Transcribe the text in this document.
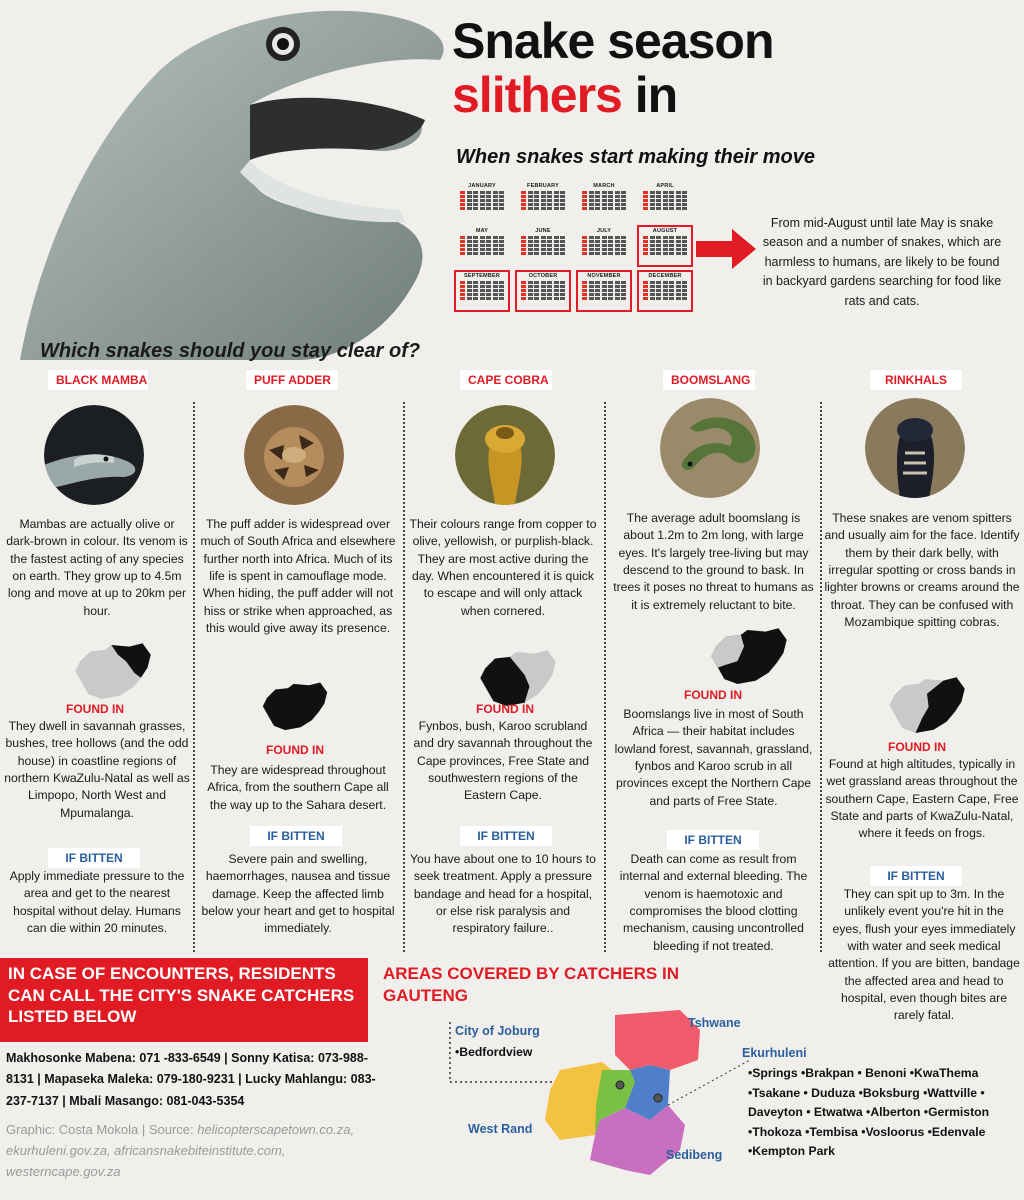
Snake season
slithers in
When snakes start making their move
JANUARY	FEBRUARY	MARCH	APRIL
MAY	JUNE	JULY	AUGUST
SEPTEMBER	OCTOBER	NOVEMBER	DECEMBER
From mid-August until late May is snake season and a number of snakes, which are harmless to humans, are likely to be found in backyard gardens searching for food like rats and cats.
Which snakes should you stay clear of?
BLACK MAMBA
Mambas are actually olive or dark-brown in colour. Its venom is the fastest acting of any species on earth. They grow up to 4.5m long and move at up to 20km per hour.
FOUND IN
They dwell in savannah grasses, bushes, tree hollows (and the odd house) in coastline regions of northern KwaZulu-Natal as well as Limpopo, North West and Mpumalanga.
IF BITTEN
Apply immediate pressure to the area and get to the nearest hospital without delay. Humans can die within 20 minutes.
PUFF ADDER
The puff adder is widespread over much of South Africa and elsewhere further north into Africa. Much of its life is spent in camouflage mode. When hiding, the puff adder will not hiss or strike when approached, as this would give away its presence.
FOUND IN
They are widespread throughout Africa, from the southern Cape all the way up to the Sahara desert.
IF BITTEN
Severe pain and swelling, haemorrhages, nausea and tissue damage. Keep the affected limb below your heart and get to hospital immediately.
CAPE COBRA
Their colours range from copper to olive, yellowish, or purplish-black. They are most active during the day. When encountered it is quick to escape and will only attack when cornered.
FOUND IN
Fynbos, bush, Karoo scrubland and dry savannah throughout the Cape provinces, Free State and southwestern regions of the Eastern Cape.
IF BITTEN
You have about one to 10 hours to seek treatment. Apply a pressure bandage and head for a hospital, or else risk paralysis and respiratory failure..
BOOMSLANG
The average adult boomslang is about 1.2m to 2m long, with large eyes. It's largely tree-living but may descend to the ground to bask. In trees it poses no threat to humans as it is extremely reluctant to bite.
FOUND IN
Boomslangs live in most of South Africa — their habitat includes lowland forest, savannah, grassland, fynbos and Karoo scrub in all provinces except the Northern Cape and parts of Free State.
IF BITTEN
Death can come as result from internal and external bleeding. The venom is haemotoxic and compromises the blood clotting mechanism, causing uncontrolled bleeding if not treated.
RINKHALS
These snakes are venom spitters and usually aim for the face. Identify them by their dark belly, with irregular spotting or cross bands in lighter browns or creams around the throat. They can be confused with Mozambique spitting cobras.
FOUND IN
Found at high altitudes, typically in wet grassland areas throughout the southern Cape, Eastern Cape, Free State and parts of KwaZulu-Natal, where it feeds on frogs.
IF BITTEN
They can spit up to 3m. In the unlikely event you're hit in the eyes, flush your eyes immediately with water and seek medical attention. If you are bitten, bandage the affected area and head to hospital, even though bites are rarely fatal.
IN CASE OF ENCOUNTERS, RESIDENTS CAN CALL THE CITY'S SNAKE CATCHERS LISTED BELOW
Makhosonke Mabena: 071 -833-6549 | Sonny Katisa: 073-988-8131 | Mapaseka Maleka: 079-180-9231 | Lucky Mahlangu: 083-237-7137 | Mbali Masango: 081-043-5354
Graphic: Costa Mokola | Source: helicopterscapetown.co.za, ekurhuleni.gov.za, africansnakebiteinstitute.com, westerncape.gov.za
AREAS COVERED BY CATCHERS IN GAUTENG
City of Joburg
•Bedfordview
Tshwane
Ekurhuleni
•Springs •Brakpan • Benoni •KwaThema •Tsakane • Duduza •Boksburg •Wattville • Daveyton • Etwatwa •Alberton •Germiston •Thokoza •Tembisa •Vosloorus •Edenvale •Kempton Park
West Rand
Sedibeng
